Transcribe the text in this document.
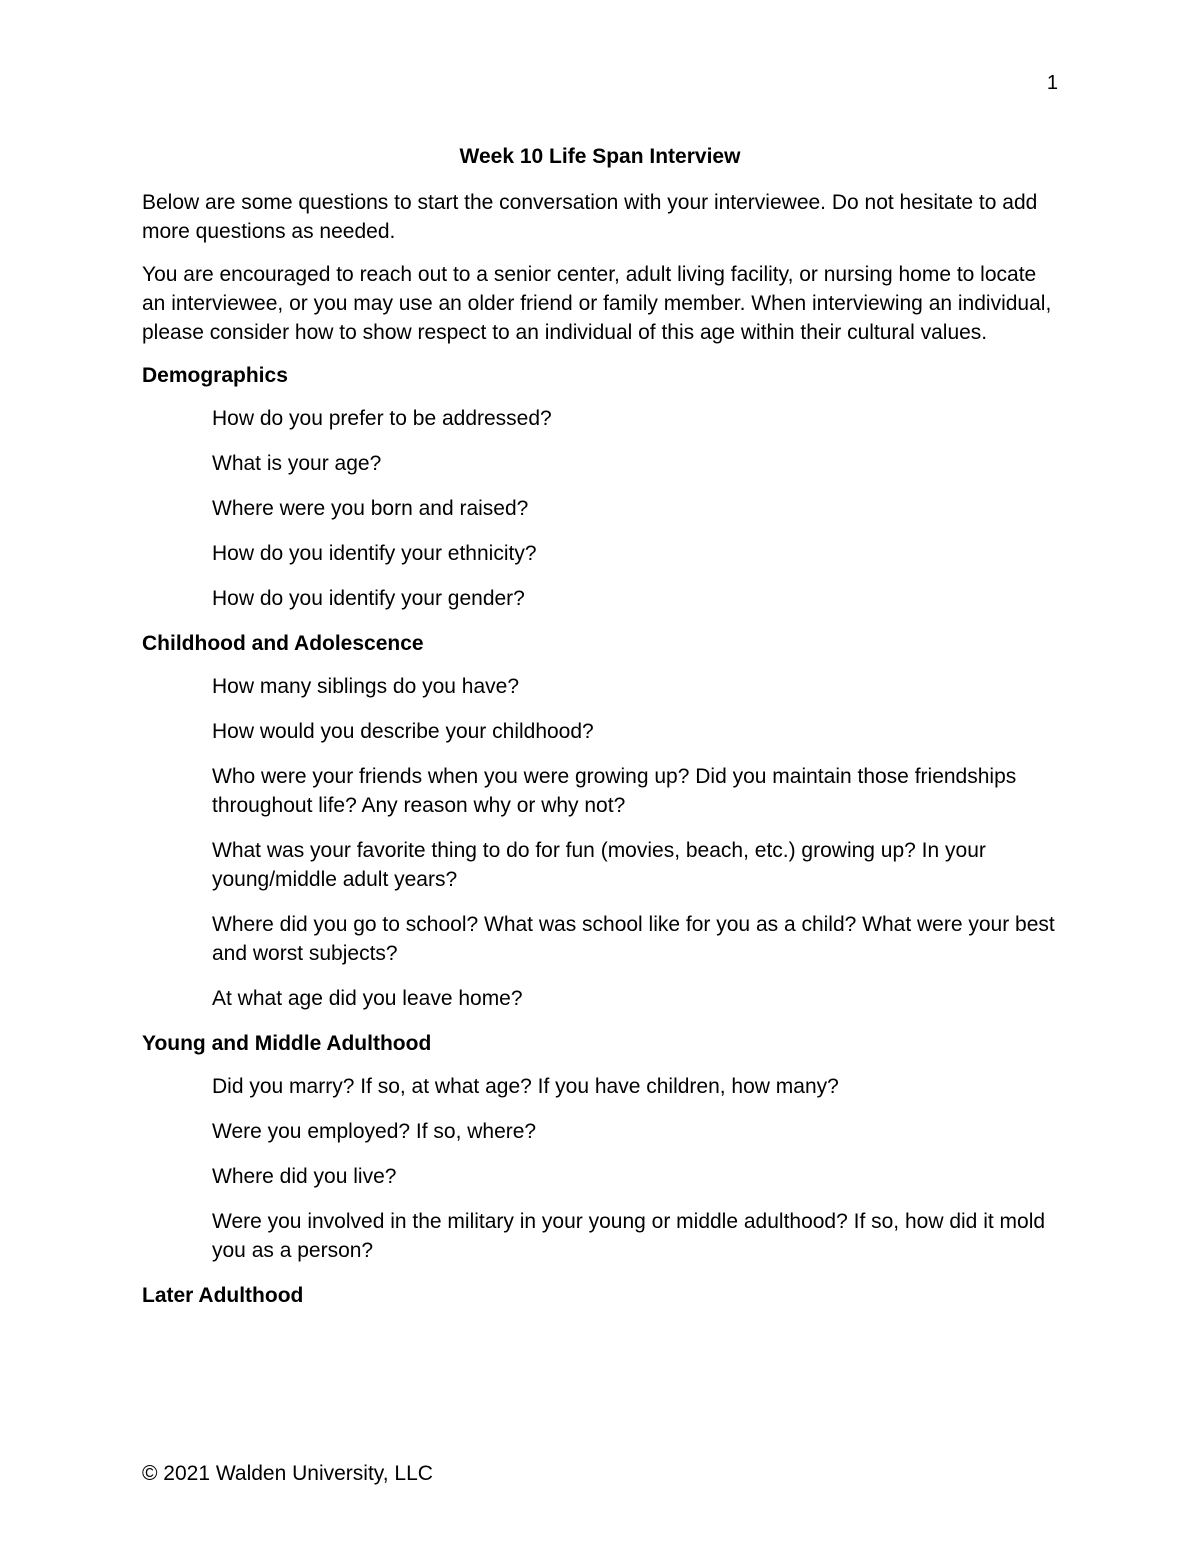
1
Week 10 Life Span Interview

Below are some questions to start the conversation with your interviewee. Do not hesitate to add more questions as needed.

You are encouraged to reach out to a senior center, adult living facility, or nursing home to locate an interviewee, or you may use an older friend or family member. When interviewing an individual, please consider how to show respect to an individual of this age within their cultural values.

Demographics
How do you prefer to be addressed?
What is your age?
Where were you born and raised?
How do you identify your ethnicity?
How do you identify your gender?
Childhood and Adolescence
How many siblings do you have?
How would you describe your childhood?
Who were your friends when you were growing up? Did you maintain those friendships throughout life? Any reason why or why not?
What was your favorite thing to do for fun (movies, beach, etc.) growing up? In your young/middle adult years?
Where did you go to school? What was school like for you as a child? What were your best and worst subjects?
At what age did you leave home?
Young and Middle Adulthood
Did you marry? If so, at what age? If you have children, how many?
Were you employed? If so, where?
Where did you live?
Were you involved in the military in your young or middle adulthood? If so, how did it mold you as a person?
Later Adulthood
© 2021 Walden University, LLC
